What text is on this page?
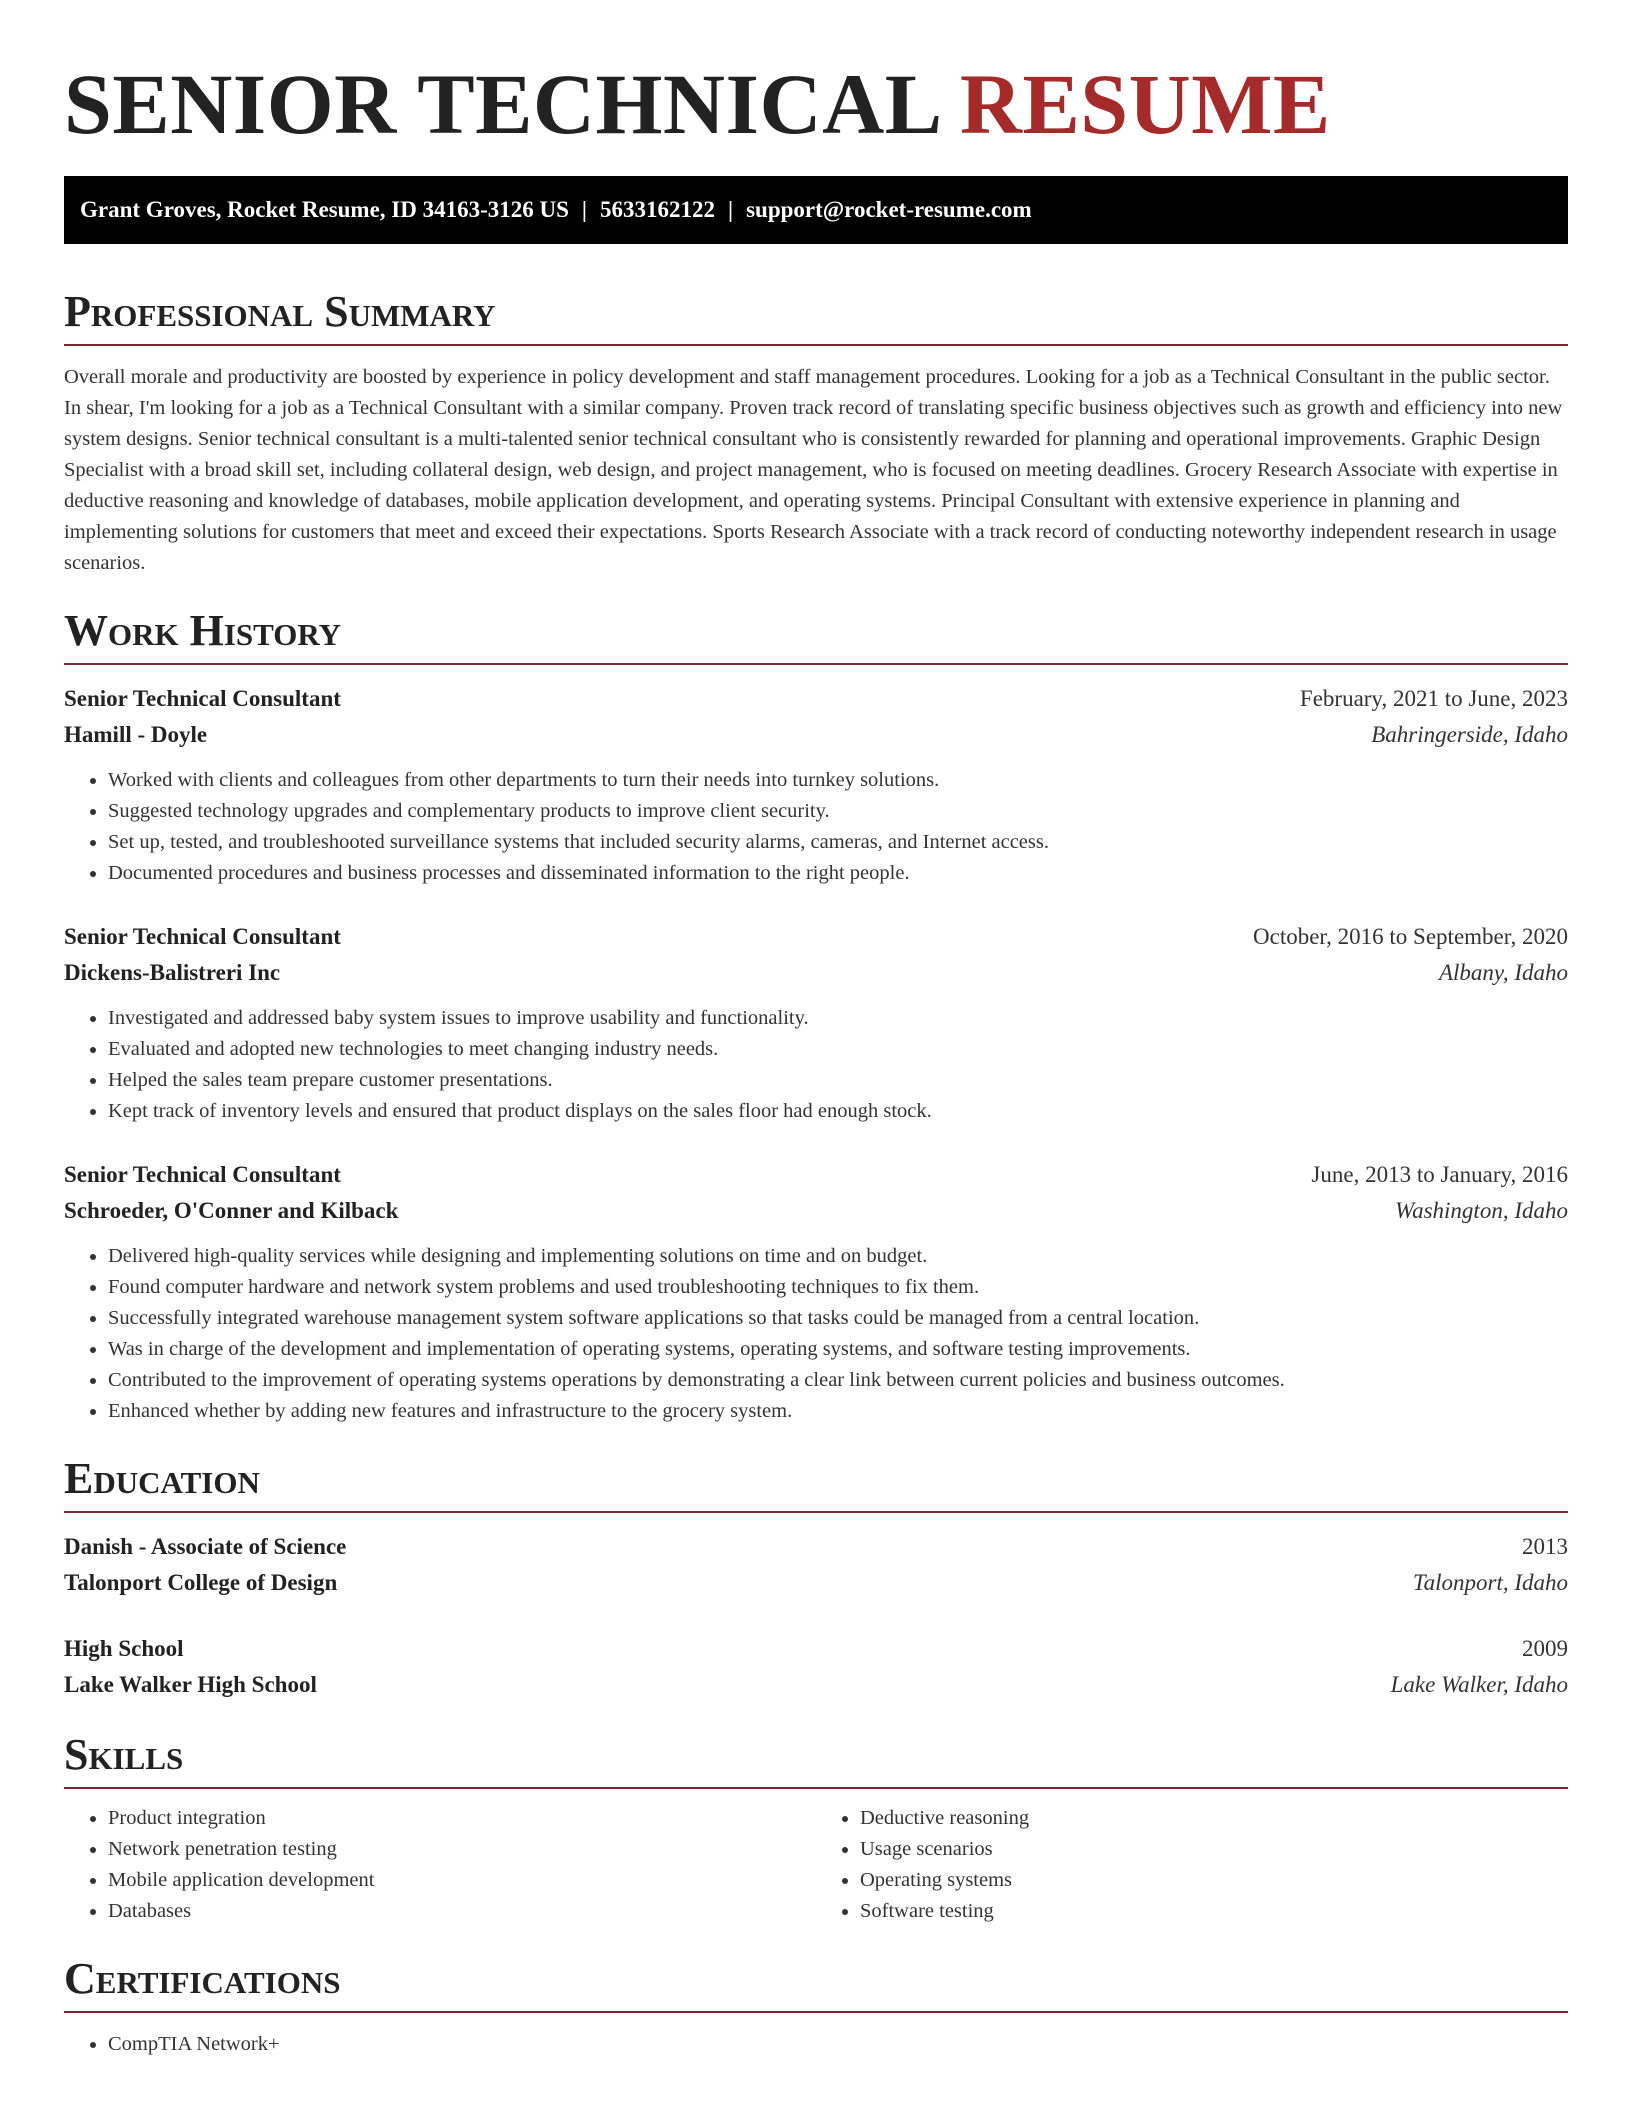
SENIOR TECHNICAL RESUME
Grant Groves, Rocket Resume, ID 34163-3126 US | 5633162122 | support@rocket-resume.com
Professional Summary

Overall morale and productivity are boosted by experience in policy development and staff management procedures. Looking for a job as a Technical Consultant in the public sector. In shear, I'm looking for a job as a Technical Consultant with a similar company. Proven track record of translating specific business objectives such as growth and efficiency into new system designs. Senior technical consultant is a multi-talented senior technical consultant who is consistently rewarded for planning and operational improvements. Graphic Design Specialist with a broad skill set, including collateral design, web design, and project management, who is focused on meeting deadlines. Grocery Research Associate with expertise in deductive reasoning and knowledge of databases, mobile application development, and operating systems. Principal Consultant with extensive experience in planning and implementing solutions for customers that meet and exceed their expectations. Sports Research Associate with a track record of conducting noteworthy independent research in usage scenarios.

Work History
Senior Technical Consultant	February, 2021 to June, 2023
Hamill - Doyle	Bahringerside, Idaho
• Worked with clients and colleagues from other departments to turn their needs into turnkey solutions.
• Suggested technology upgrades and complementary products to improve client security.
• Set up, tested, and troubleshooted surveillance systems that included security alarms, cameras, and Internet access.
• Documented procedures and business processes and disseminated information to the right people.
Senior Technical Consultant	October, 2016 to September, 2020
Dickens-Balistreri Inc	Albany, Idaho
• Investigated and addressed baby system issues to improve usability and functionality.
• Evaluated and adopted new technologies to meet changing industry needs.
• Helped the sales team prepare customer presentations.
• Kept track of inventory levels and ensured that product displays on the sales floor had enough stock.
Senior Technical Consultant	June, 2013 to January, 2016
Schroeder, O'Conner and Kilback	Washington, Idaho
• Delivered high-quality services while designing and implementing solutions on time and on budget.
• Found computer hardware and network system problems and used troubleshooting techniques to fix them.
• Successfully integrated warehouse management system software applications so that tasks could be managed from a central location.
• Was in charge of the development and implementation of operating systems, operating systems, and software testing improvements.
• Contributed to the improvement of operating systems operations by demonstrating a clear link between current policies and business outcomes.
• Enhanced whether by adding new features and infrastructure to the grocery system.
Education
Danish - Associate of Science	2013
Talonport College of Design	Talonport, Idaho
High School	2009
Lake Walker High School	Lake Walker, Idaho
Skills
• Product integration
• Network penetration testing
• Mobile application development
• Databases
• Deductive reasoning
• Usage scenarios
• Operating systems
• Software testing
Certifications
• CompTIA Network+
